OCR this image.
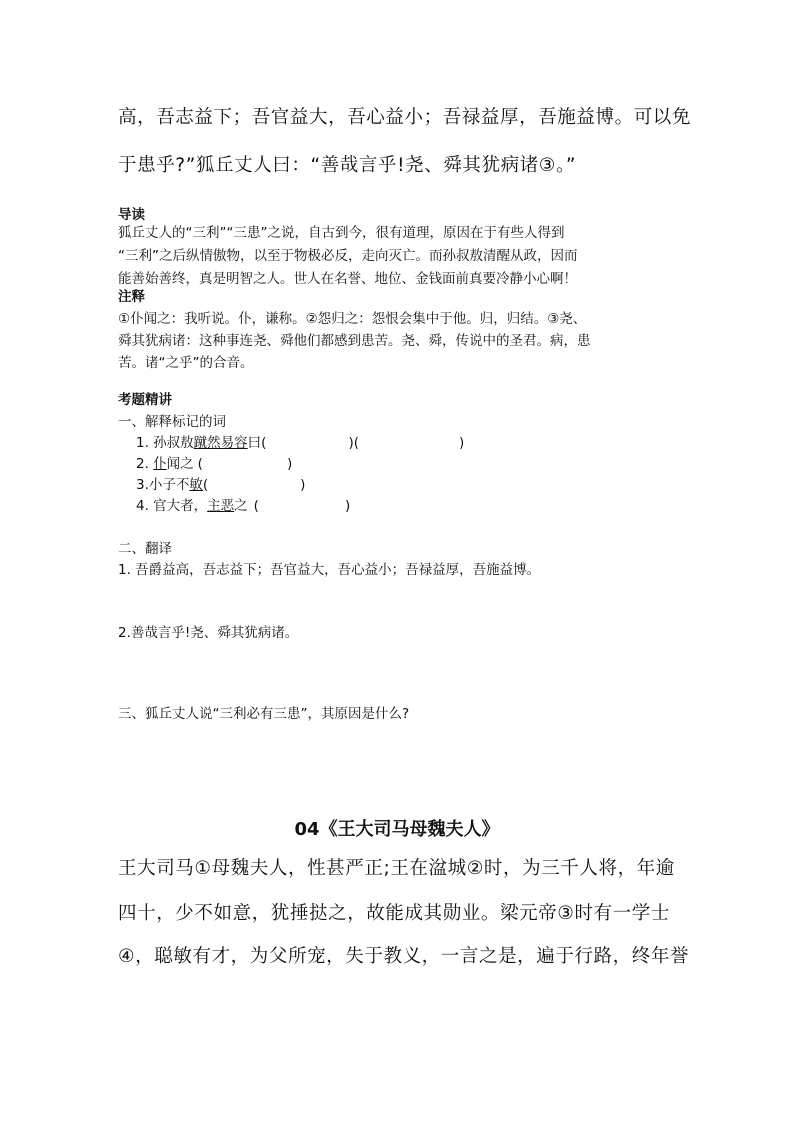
高，吾志益下；吾官益大，吾心益小；吾禄益厚，吾施益博。可以免
于患乎?”狐丘丈人曰：“善哉言乎!尧、舜其犹病诸③。”
导读
狐丘丈人的“三利”“三患”之说，自古到今，很有道理，原因在于有些人得到
“三利”之后纵情傲物，以至于物极必反，走向灭亡。而孙叔敖清醒从政，因而
能善始善终，真是明智之人。世人在名誉、地位、金钱面前真要冷静小心啊！
注释
①仆闻之：我听说。仆，谦称。②怨归之：怨恨会集中于他。归，归结。③尧、
舜其犹病诸：这种事连尧、舜他们都感到患苦。尧、舜，传说中的圣君。病，患
苦。诸“之乎”的合音。
考题精讲
一、解释标记的词
1. 孙叔敖蹴然易容曰(	)(	)
2. 仆闻之 (	)
3.小子不敏(	)
4. 官大者，主恶之 (	)
二、翻译
1. 吾爵益高，吾志益下；吾官益大，吾心益小；吾禄益厚，吾施益博。
2.善哉言乎!尧、舜其犹病诸。
三、狐丘丈人说“三利必有三患”，其原因是什么?
04《王大司马母魏夫人》
王大司马①母魏夫人，性甚严正;王在湓城②时，为三千人将，年逾
四十，少不如意，犹捶挞之，故能成其勋业。梁元帝③时有一学士
④，聪敏有才，为父所宠，失于教义，一言之是，遍于行路，终年誉
